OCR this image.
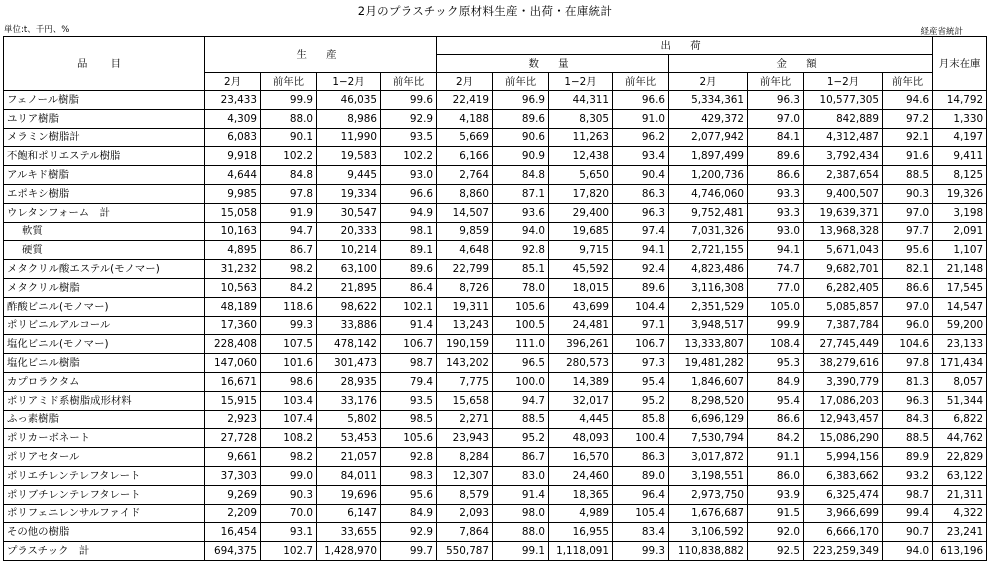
2月のプラスチック原材料生産・出荷・在庫統計
単位:t、千円、%	経産省統計
品 目	生 産				出 荷								月末在庫
					数 量				金 額				
	2月	前年比	1−2月	前年比	2月	前年比	1−2月	前年比	2月	前年比	1−2月	前年比	
フェノール樹脂	23,433	99.9	46,035	99.6	22,419	96.9	44,311	96.6	5,334,361	96.3	10,577,305	94.6	14,792
ユリア樹脂	4,309	88.0	8,986	92.9	4,188	89.6	8,305	91.0	429,372	97.0	842,889	97.2	1,330
メラミン樹脂計	6,083	90.1	11,990	93.5	5,669	90.6	11,263	96.2	2,077,942	84.1	4,312,487	92.1	4,197
不飽和ポリエステル樹脂	9,918	102.2	19,583	102.2	6,166	90.9	12,438	93.4	1,897,499	89.6	3,792,434	91.6	9,411
アルキド樹脂	4,644	84.8	9,445	93.0	2,764	84.8	5,650	90.4	1,200,736	86.6	2,387,654	88.5	8,125
エポキシ樹脂	9,985	97.8	19,334	96.6	8,860	87.1	17,820	86.3	4,746,060	93.3	9,400,507	90.3	19,326
ウレタンフォーム　計	15,058	91.9	30,547	94.9	14,507	93.6	29,400	96.3	9,752,481	93.3	19,639,371	97.0	3,198
軟質	10,163	94.7	20,333	98.1	9,859	94.0	19,685	97.4	7,031,326	93.0	13,968,328	97.7	2,091
硬質	4,895	86.7	10,214	89.1	4,648	92.8	9,715	94.1	2,721,155	94.1	5,671,043	95.6	1,107
メタクリル酸エステル(モノマー)	31,232	98.2	63,100	89.6	22,799	85.1	45,592	92.4	4,823,486	74.7	9,682,701	82.1	21,148
メタクリル樹脂	10,563	84.2	21,895	86.4	8,726	78.0	18,015	89.6	3,116,308	77.0	6,282,405	86.6	17,545
酢酸ビニル(モノマー)	48,189	118.6	98,622	102.1	19,311	105.6	43,699	104.4	2,351,529	105.0	5,085,857	97.0	14,547
ポリビニルアルコール	17,360	99.3	33,886	91.4	13,243	100.5	24,481	97.1	3,948,517	99.9	7,387,784	96.0	59,200
塩化ビニル(モノマー)	228,408	107.5	478,142	106.7	190,159	111.0	396,261	106.7	13,333,807	108.4	27,745,449	104.6	23,133
塩化ビニル樹脂	147,060	101.6	301,473	98.7	143,202	96.5	280,573	97.3	19,481,282	95.3	38,279,616	97.8	171,434
カプロラクタム	16,671	98.6	28,935	79.4	7,775	100.0	14,389	95.4	1,846,607	84.9	3,390,779	81.3	8,057
ポリアミド系樹脂成形材料	15,915	103.4	33,176	93.5	15,658	94.7	32,017	95.2	8,298,520	95.4	17,086,203	96.3	51,344
ふっ素樹脂	2,923	107.4	5,802	98.5	2,271	88.5	4,445	85.8	6,696,129	86.6	12,943,457	84.3	6,822
ポリカーボネート	27,728	108.2	53,453	105.6	23,943	95.2	48,093	100.4	7,530,794	84.2	15,086,290	88.5	44,762
ポリアセタール	9,661	98.2	21,057	92.8	8,284	86.7	16,570	86.3	3,017,872	91.1	5,994,156	89.9	22,829
ポリエチレンテレフタレート	37,303	99.0	84,011	98.3	12,307	83.0	24,460	89.0	3,198,551	86.0	6,383,662	93.2	63,122
ポリブチレンテレフタレート	9,269	90.3	19,696	95.6	8,579	91.4	18,365	96.4	2,973,750	93.9	6,325,474	98.7	21,311
ポリフェニレンサルファイド	2,209	70.0	6,147	84.9	2,093	98.0	4,989	105.4	1,676,687	91.5	3,966,699	99.4	4,322
その他の樹脂	16,454	93.1	33,655	92.9	7,864	88.0	16,955	83.4	3,106,592	92.0	6,666,170	90.7	23,241
プラスチック　計	694,375	102.7	1,428,970	99.7	550,787	99.1	1,118,091	99.3	110,838,882	92.5	223,259,349	94.0	613,196
